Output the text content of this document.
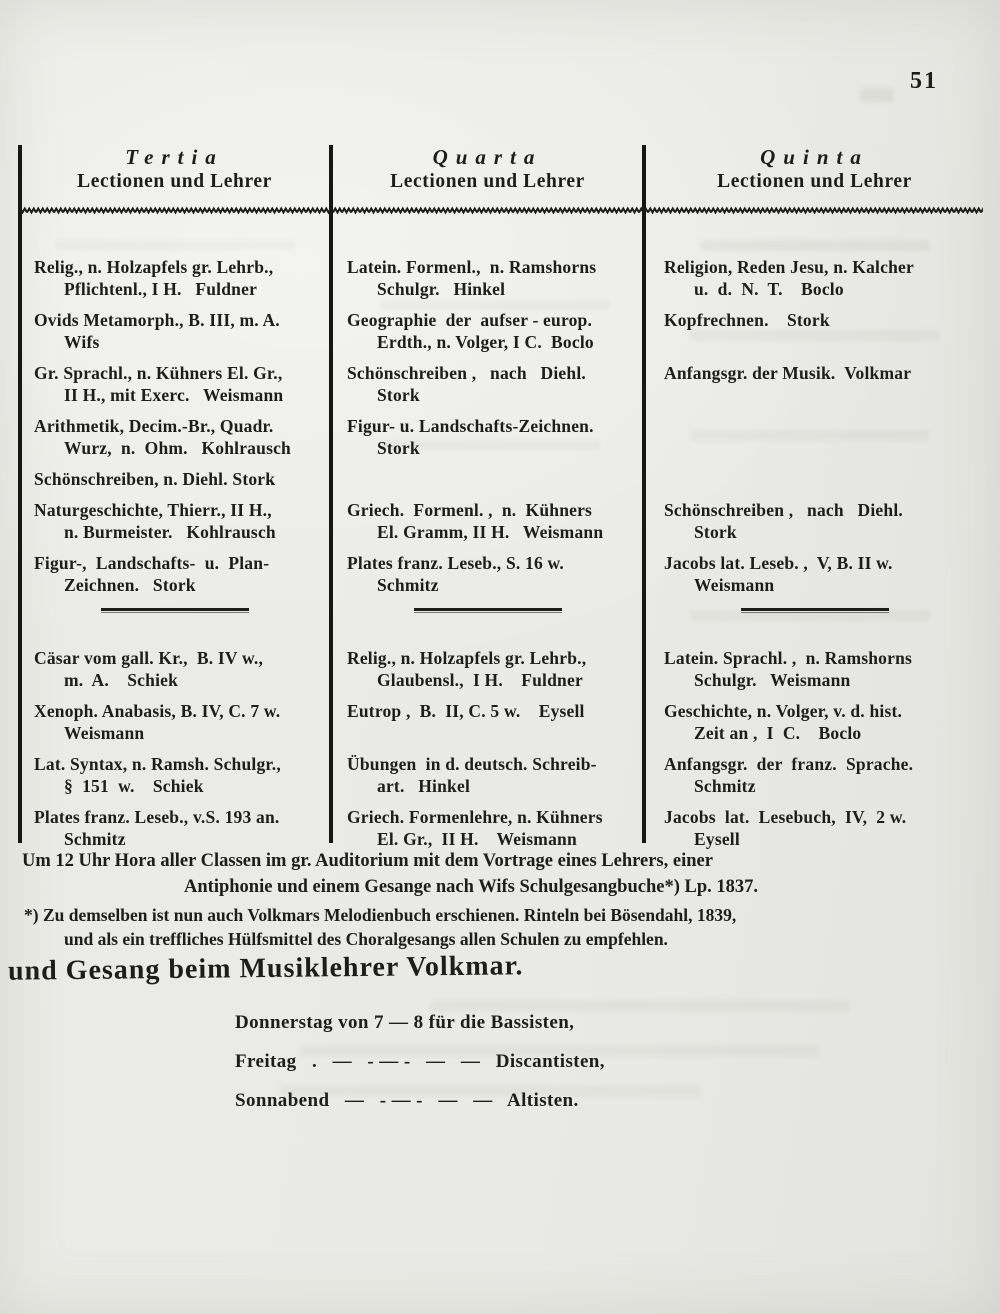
51
Tertia
Lectionen und Lehrer
Quarta
Lectionen und Lehrer
Quinta
Lectionen und Lehrer
Relig., n. Holzapfels gr. Lehrb.,
Pflichtenl., I H.   Fuldner
Latein. Formenl.,  n. Ramshorns
Schulgr.   Hinkel
Religion, Reden Jesu, n. Kalcher
u.  d.  N.  T.    Boclo
Ovids Metamorph., B. III, m. A.
Wifs
Geographie  der  aufser - europ.
Erdth., n. Volger, I C.  Boclo
Kopfrechnen.    Stork
Gr. Sprachl., n. Kühners El. Gr.,
II H., mit Exerc.   Weismann
Schönschreiben ,   nach   Diehl.
Stork
Anfangsgr. der Musik.  Volkmar
Arithmetik, Decim.-Br., Quadr.
Wurz,  n.  Ohm.   Kohlrausch
Figur- u. Landschafts-Zeichnen.
Stork
Schönschreiben, n. Diehl. Stork
Naturgeschichte, Thierr., II H.,
n. Burmeister.   Kohlrausch
Griech.  Formenl. ,  n.  Kühners
El. Gramm, II H.   Weismann
Schönschreiben ,   nach   Diehl.
Stork
Figur-,  Landschafts-  u.  Plan-
Zeichnen.   Stork
Plates franz. Leseb., S. 16 w.
Schmitz
Jacobs lat. Leseb. ,  V, B. II w.
Weismann
Cäsar vom gall. Kr.,  B. IV w.,
m.  A.    Schiek
Relig., n. Holzapfels gr. Lehrb.,
Glaubensl.,  I H.    Fuldner
Latein. Sprachl. ,  n. Ramshorns
Schulgr.   Weismann
Xenoph. Anabasis, B. IV, C. 7 w.
Weismann
Eutrop ,  B.  II, C. 5 w.    Eysell	Geschichte, n. Volger, v. d. hist.
Zeit an ,  I  C.    Boclo
Lat. Syntax, n. Ramsh. Schulgr.,
§  151  w.    Schiek
Übungen  in d. deutsch. Schreib-
art.   Hinkel
Anfangsgr.  der  franz.  Sprache.
Schmitz
Plates franz. Leseb., v.S. 193 an.
Schmitz
Griech. Formenlehre, n. Kühners
El. Gr.,  II H.    Weismann
Jacobs  lat.  Lesebuch,  IV,  2 w.
Eysell
Um 12 Uhr Hora aller Classen im gr. Auditorium mit dem Vortrage eines Lehrers, einer
Antiphonie und einem Gesange nach Wifs Schulgesangbuche*) Lp. 1837.
*) Zu demselben ist nun auch Volkmars Melodienbuch erschienen. Rinteln bei Bösendahl, 1839,
und als ein treffliches Hülfsmittel des Choralgesangs allen Schulen zu empfehlen.
und Gesang beim Musiklehrer Volkmar.
Donnerstag von 7 — 8 für die Bassisten,
Freitag   .   —   - — -   —   —   Discantisten,
Sonnabend   —   - — -   —   —   Altisten.
